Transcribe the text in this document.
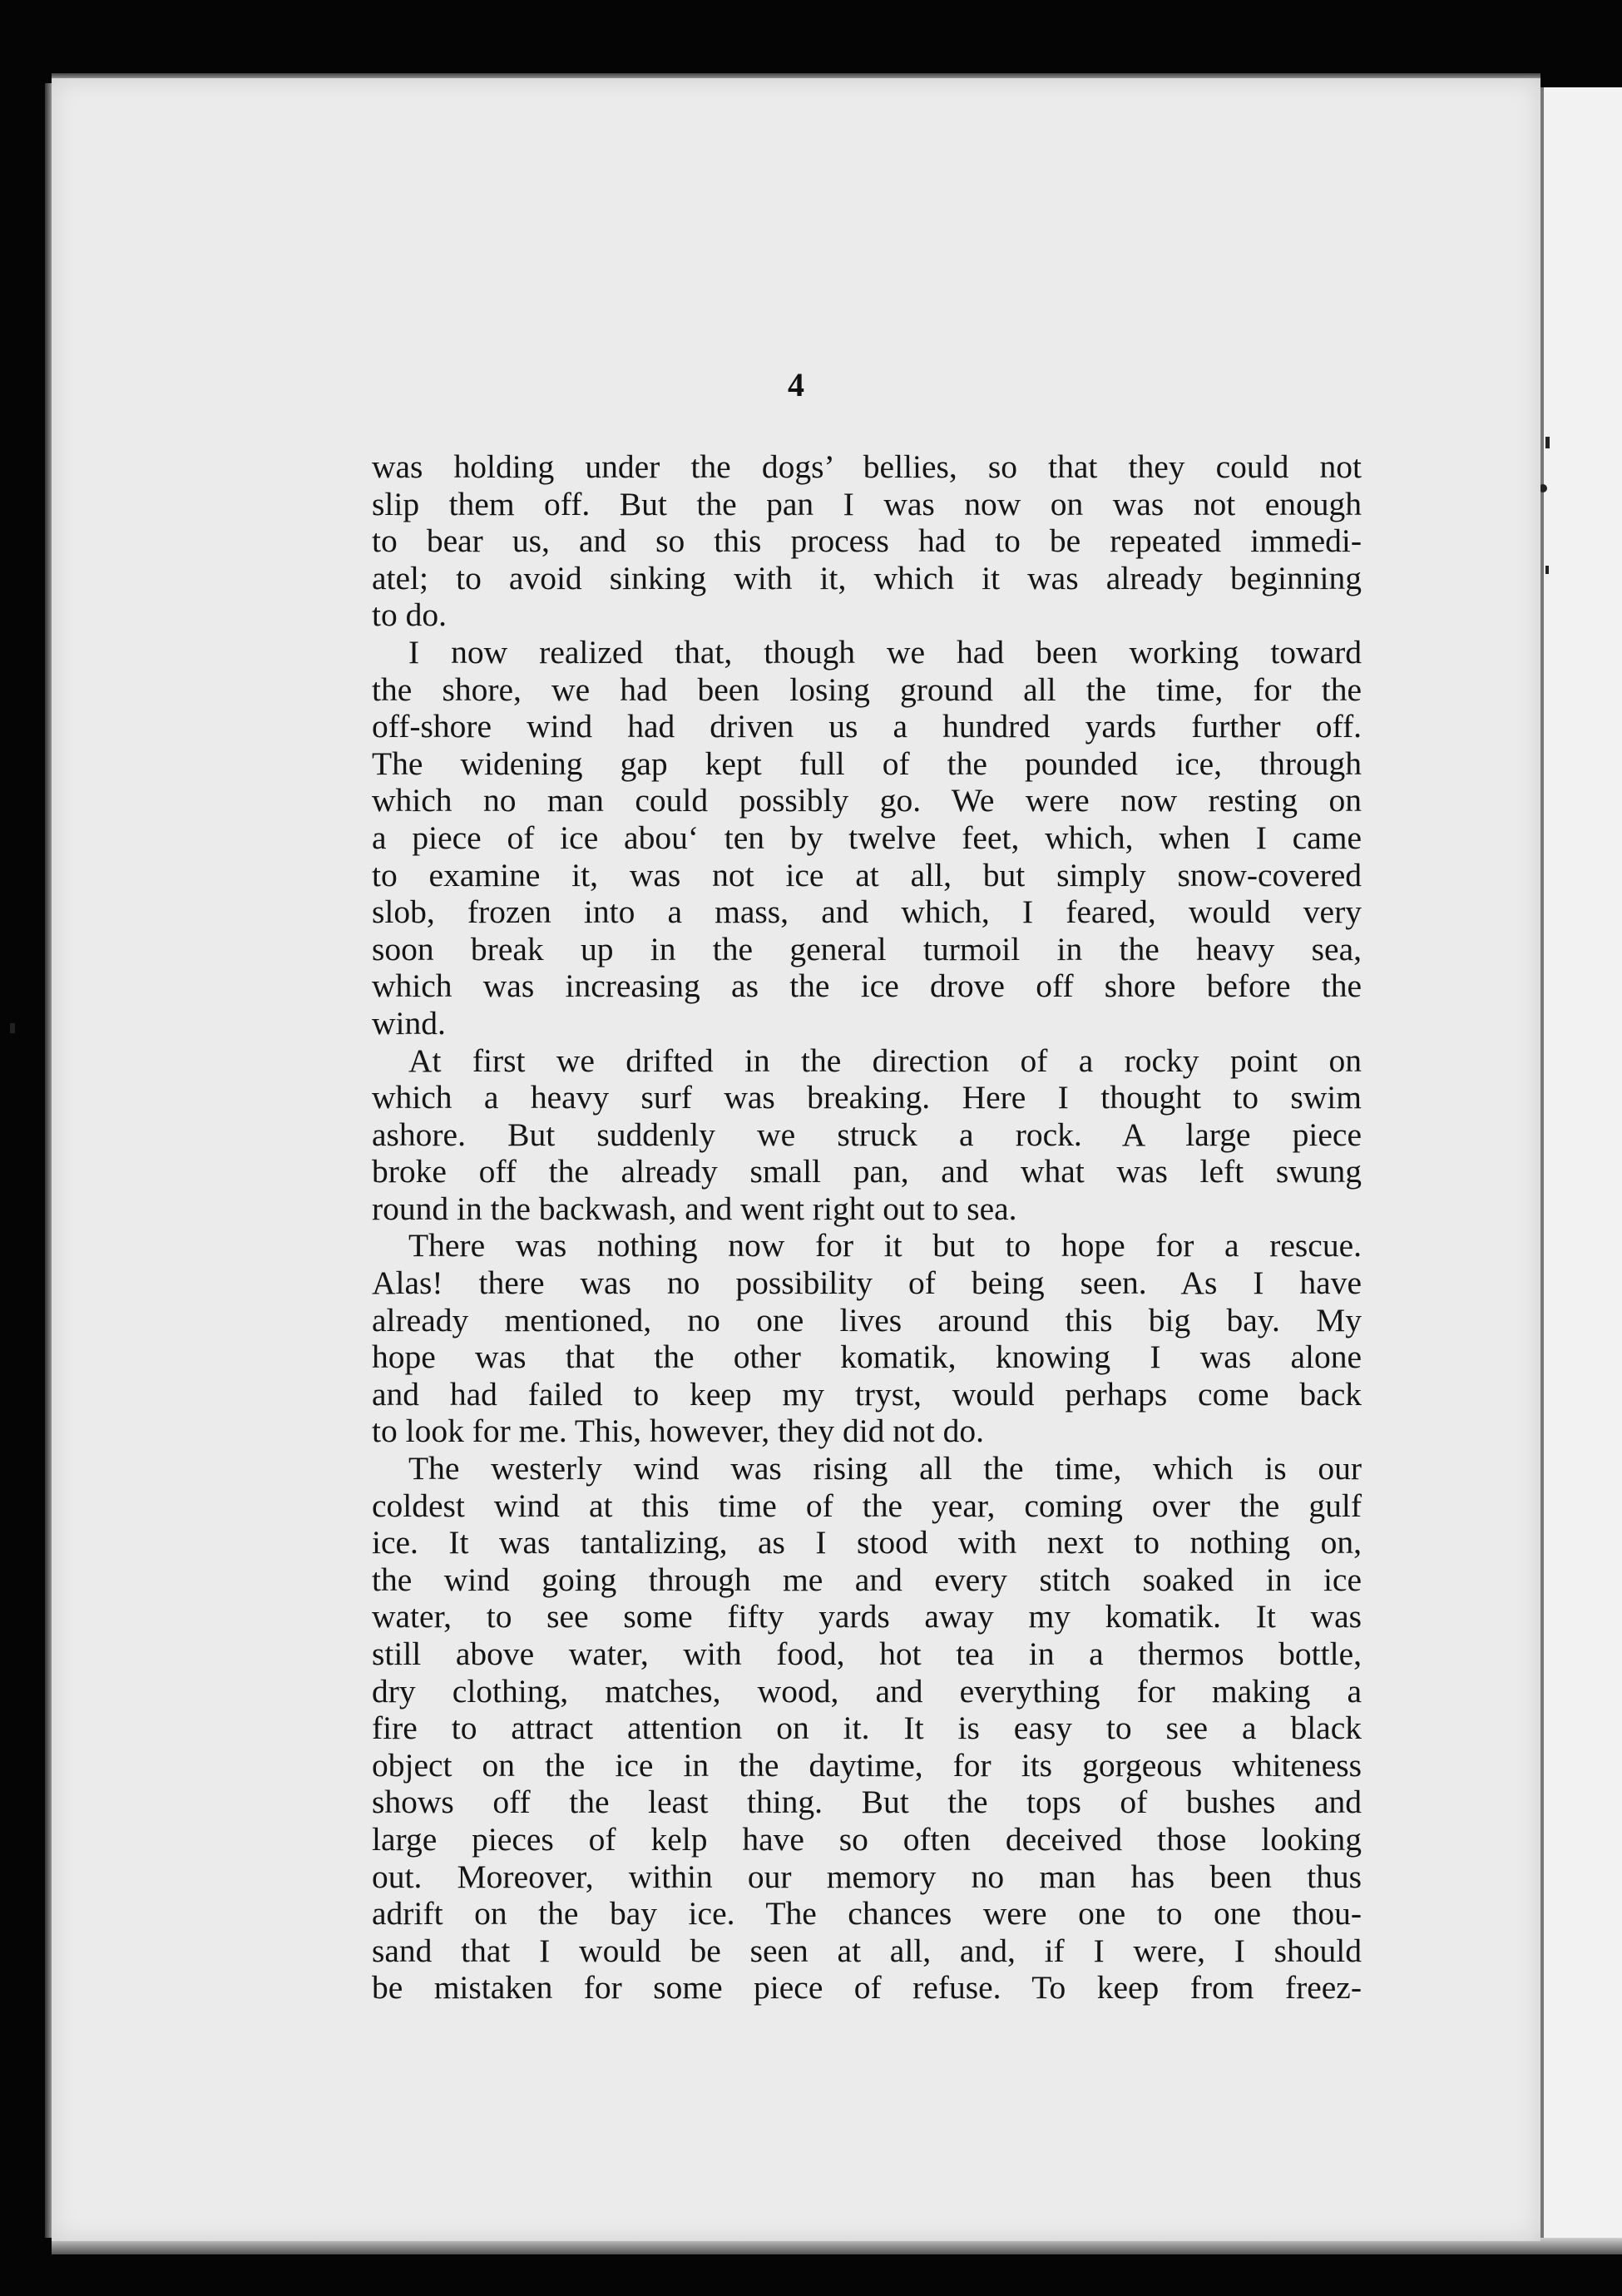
4

was holding under the dogs’ bellies, so that they could not
slip them off. But the pan I was now on was not enough
to bear us, and so this process had to be repeated immedi-
atel; to avoid sinking with it, which it was already beginning
to do.
I now realized that, though we had been working toward
the shore, we had been losing ground all the time, for the
off-shore wind had driven us a hundred yards further off.
The widening gap kept full of the pounded ice, through
which no man could possibly go. We were now resting on
a piece of ice abou‘ ten by twelve feet, which, when I came
to examine it, was not ice at all, but simply snow-covered
slob, frozen into a mass, and which, I feared, would very
soon break up in the general turmoil in the heavy sea,
which was increasing as the ice drove off shore before the
wind.
At first we drifted in the direction of a rocky point on
which a heavy surf was breaking. Here I thought to swim
ashore. But suddenly we struck a rock. A large piece
broke off the already small pan, and what was left swung
round in the backwash, and went right out to sea.
There was nothing now for it but to hope for a rescue.
Alas! there was no possibility of being seen. As I have
already mentioned, no one lives around this big bay. My
hope was that the other komatik, knowing I was alone
and had failed to keep my tryst, would perhaps come back
to look for me. This, however, they did not do.
The westerly wind was rising all the time, which is our
coldest wind at this time of the year, coming over the gulf
ice. It was tantalizing, as I stood with next to nothing on,
the wind going through me and every stitch soaked in ice
water, to see some fifty yards away my komatik. It was
still above water, with food, hot tea in a thermos bottle,
dry clothing, matches, wood, and everything for making a
fire to attract attention on it. It is easy to see a black
object on the ice in the daytime, for its gorgeous whiteness
shows off the least thing. But the tops of bushes and
large pieces of kelp have so often deceived those looking
out. Moreover, within our memory no man has been thus
adrift on the bay ice. The chances were one to one thou-
sand that I would be seen at all, and, if I were, I should
be mistaken for some piece of refuse. To keep from freez-
